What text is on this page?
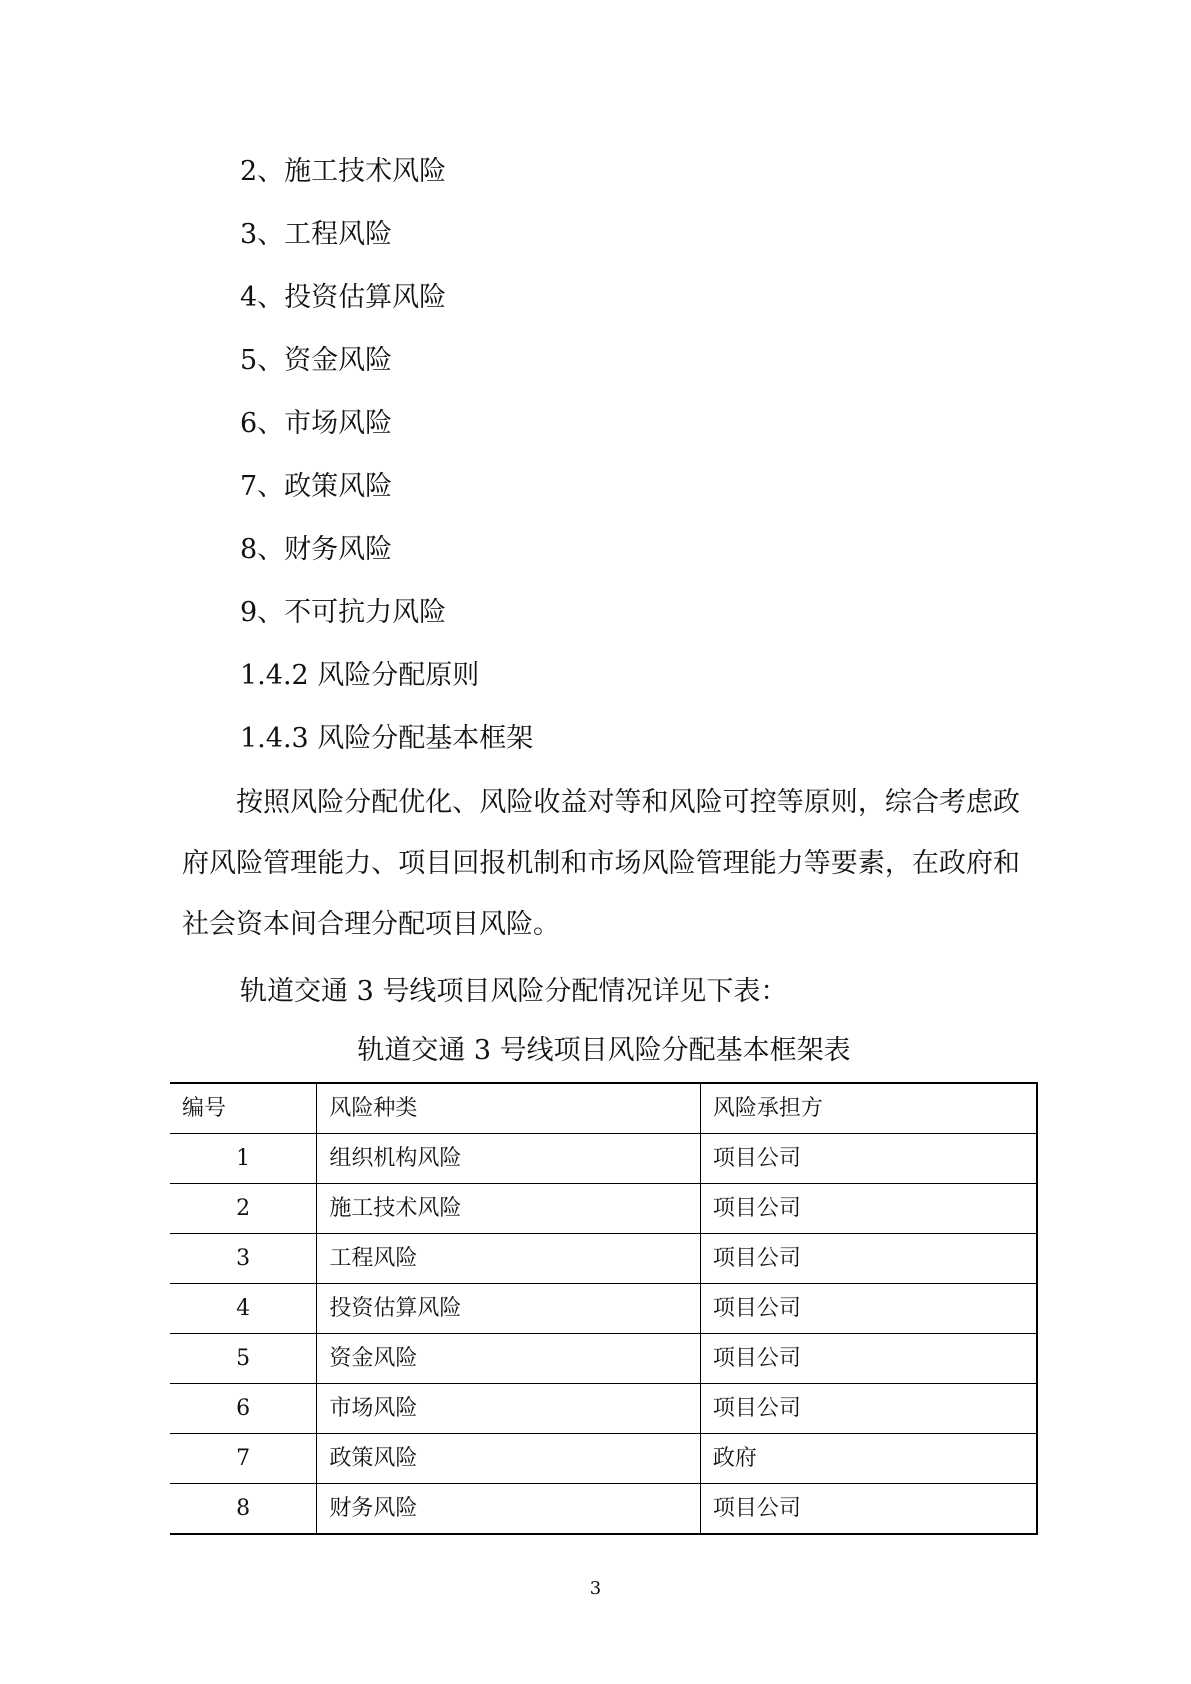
2、施工技术风险
3、工程风险
4、投资估算风险
5、资金风险
6、市场风险
7、政策风险
8、财务风险
9、不可抗力风险
1.4.2 风险分配原则
1.4.3 风险分配基本框架
按照风险分配优化、风险收益对等和风险可控等原则，综合考虑政府风险管理能力、项目回报机制和市场风险管理能力等要素，在政府和社会资本间合理分配项目风险。
轨道交通 3 号线项目风险分配情况详见下表：
轨道交通 3 号线项目风险分配基本框架表
编号	风险种类	风险承担方
1	组织机构风险	项目公司
2	施工技术风险	项目公司
3	工程风险	项目公司
4	投资估算风险	项目公司
5	资金风险	项目公司
6	市场风险	项目公司
7	政策风险	政府
8	财务风险	项目公司
3
